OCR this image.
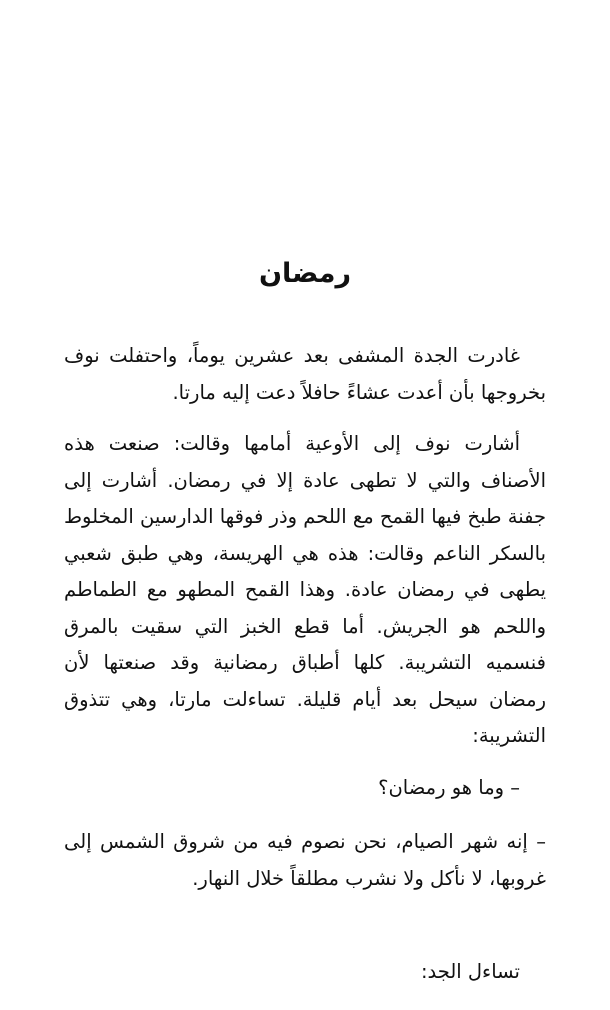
رمضان

غادرت الجدة المشفى بعد عشرين يوماً، واحتفلت نوف بخروجها بأن أعدت عشاءً حافلاً دعت إليه مارتا.

أشارت نوف إلى الأوعية أمامها وقالت: صنعت هذه الأصناف والتي لا تطهى عادة إلا في رمضان. أشارت إلى جفنة طبخ فيها القمح مع اللحم وذر فوقها الدارسين المخلوط بالسكر الناعم وقالت: هذه هي الهريسة، وهي طبق شعبي يطهى في رمضان عادة. وهذا القمح المطهو مع الطماطم واللحم هو الجريش. أما قطع الخبز التي سقيت بالمرق فنسميه التشريبة. كلها أطباق رمضانية وقد صنعتها لأن رمضان سيحل بعد أيام قليلة. تساءلت مارتا، وهي تتذوق التشريبة:

– وما هو رمضان؟

– إنه شهر الصيام، نحن نصوم فيه من شروق الشمس إلى غروبها، لا نأكل ولا نشرب مطلقاً خلال النهار.

تساءل الجد:
